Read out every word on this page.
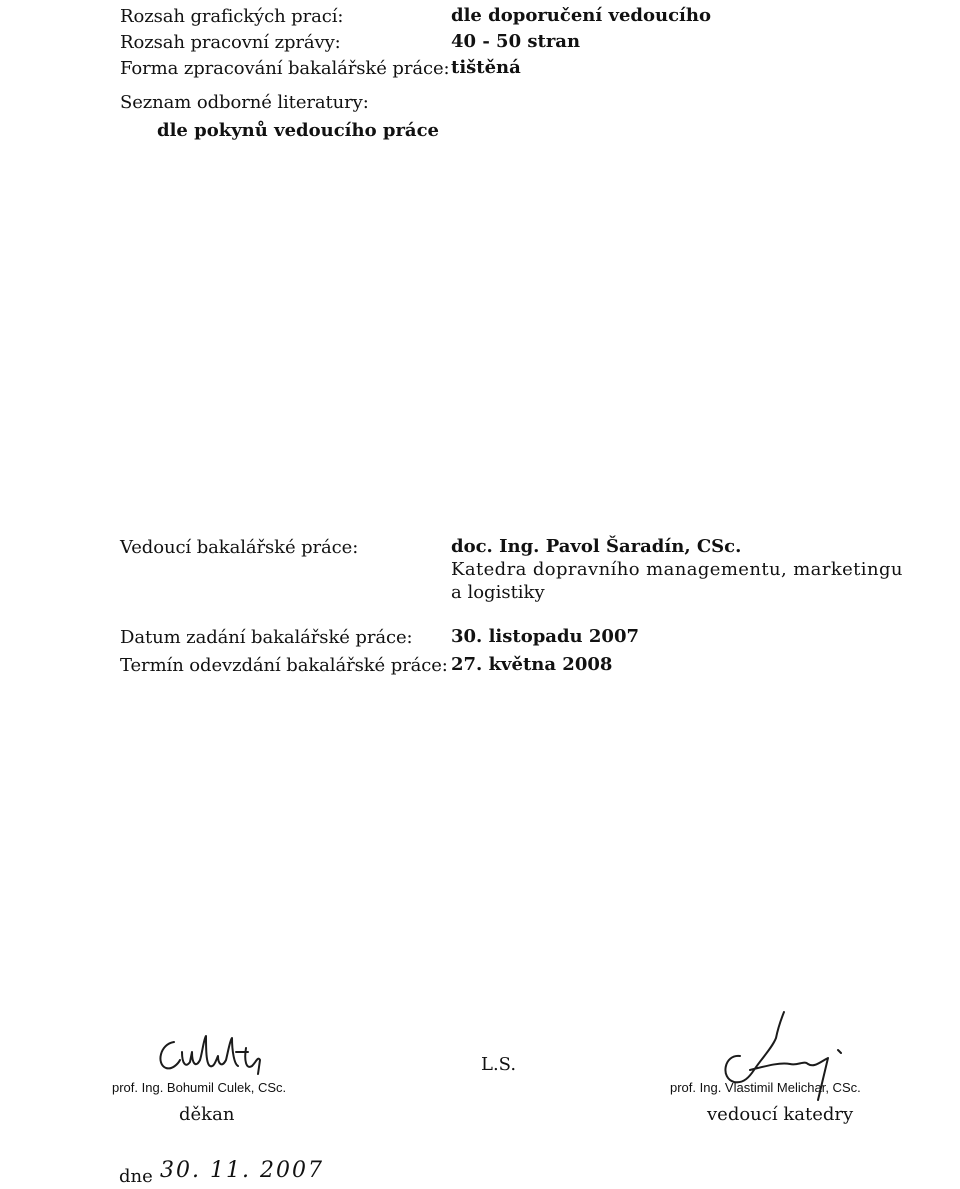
Rozsah grafických prací:	dle doporučení vedoucího
Rozsah pracovní zprávy:	40 - 50 stran
Forma zpracování bakalářské práce: tištěná
Seznam odborné literatury:
dle pokynů vedoucího práce
Vedoucí bakalářské práce:	doc. Ing. Pavol Šaradín, CSc.
Katedra dopravního managementu, marketingu
a logistiky
Datum zadání bakalářské práce: 30. listopadu 2007
Termín odevzdání bakalářské práce: 27. května 2008
prof. Ing. Bohumil Culek, CSc.
děkan
L.S.
prof. Ing. Vlastimil Melichar, CSc.
vedoucí katedry
dne 30. 11. 2007
